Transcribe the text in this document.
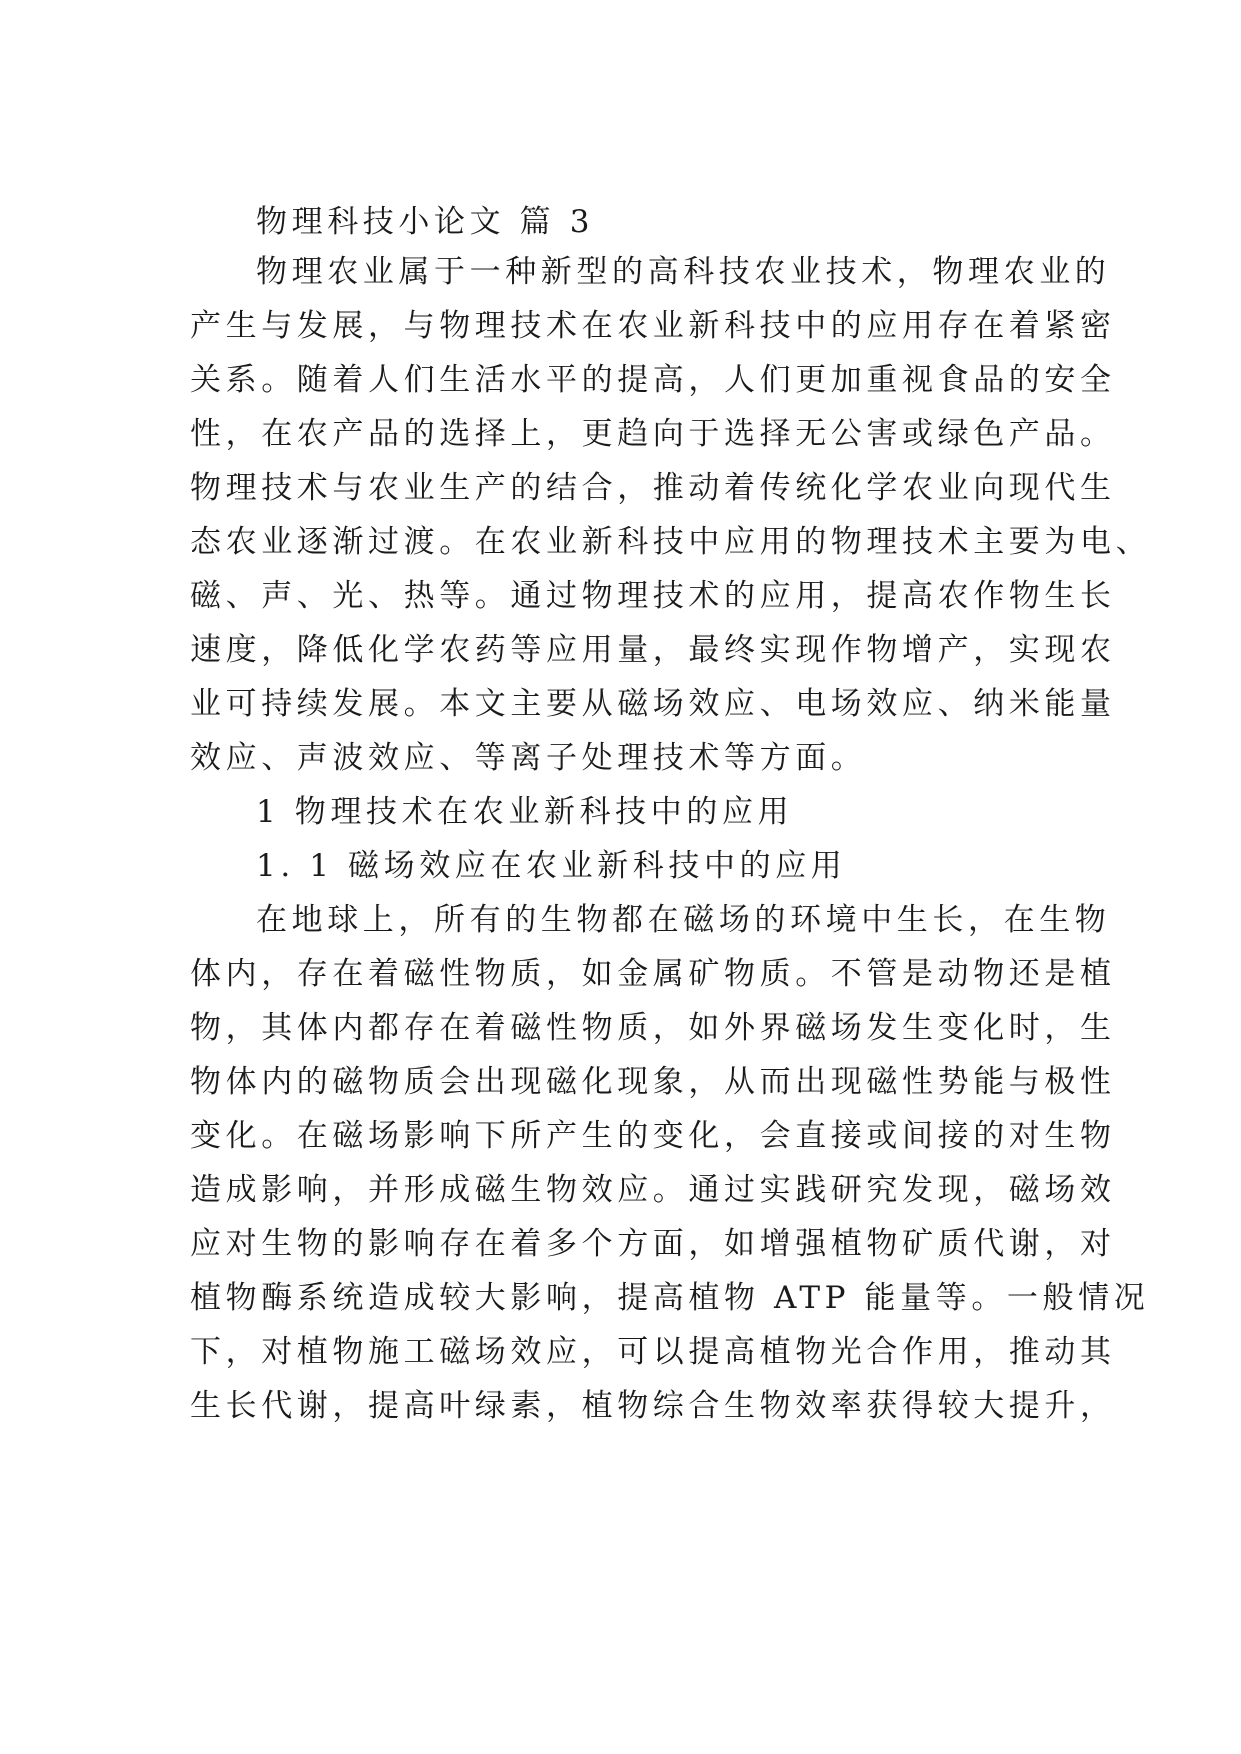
物理科技小论文 篇 3
物理农业属于一种新型的高科技农业技术，物理农业的
产生与发展，与物理技术在农业新科技中的应用存在着紧密
关系。随着人们生活水平的提高，人们更加重视食品的安全
性，在农产品的选择上，更趋向于选择无公害或绿色产品。
物理技术与农业生产的结合，推动着传统化学农业向现代生
态农业逐渐过渡。在农业新科技中应用的物理技术主要为电、
磁、声、光、热等。通过物理技术的应用，提高农作物生长
速度，降低化学农药等应用量，最终实现作物增产，实现农
业可持续发展。本文主要从磁场效应、电场效应、纳米能量
效应、声波效应、等离子处理技术等方面。
1 物理技术在农业新科技中的应用
1. 1 磁场效应在农业新科技中的应用
在地球上，所有的生物都在磁场的环境中生长，在生物
体内，存在着磁性物质，如金属矿物质。不管是动物还是植
物，其体内都存在着磁性物质，如外界磁场发生变化时，生
物体内的磁物质会出现磁化现象，从而出现磁性势能与极性
变化。在磁场影响下所产生的变化，会直接或间接的对生物
造成影响，并形成磁生物效应。通过实践研究发现，磁场效
应对生物的影响存在着多个方面，如增强植物矿质代谢，对
植物酶系统造成较大影响，提高植物 ATP 能量等。一般情况
下，对植物施工磁场效应，可以提高植物光合作用，推动其
生长代谢，提高叶绿素，植物综合生物效率获得较大提升，
